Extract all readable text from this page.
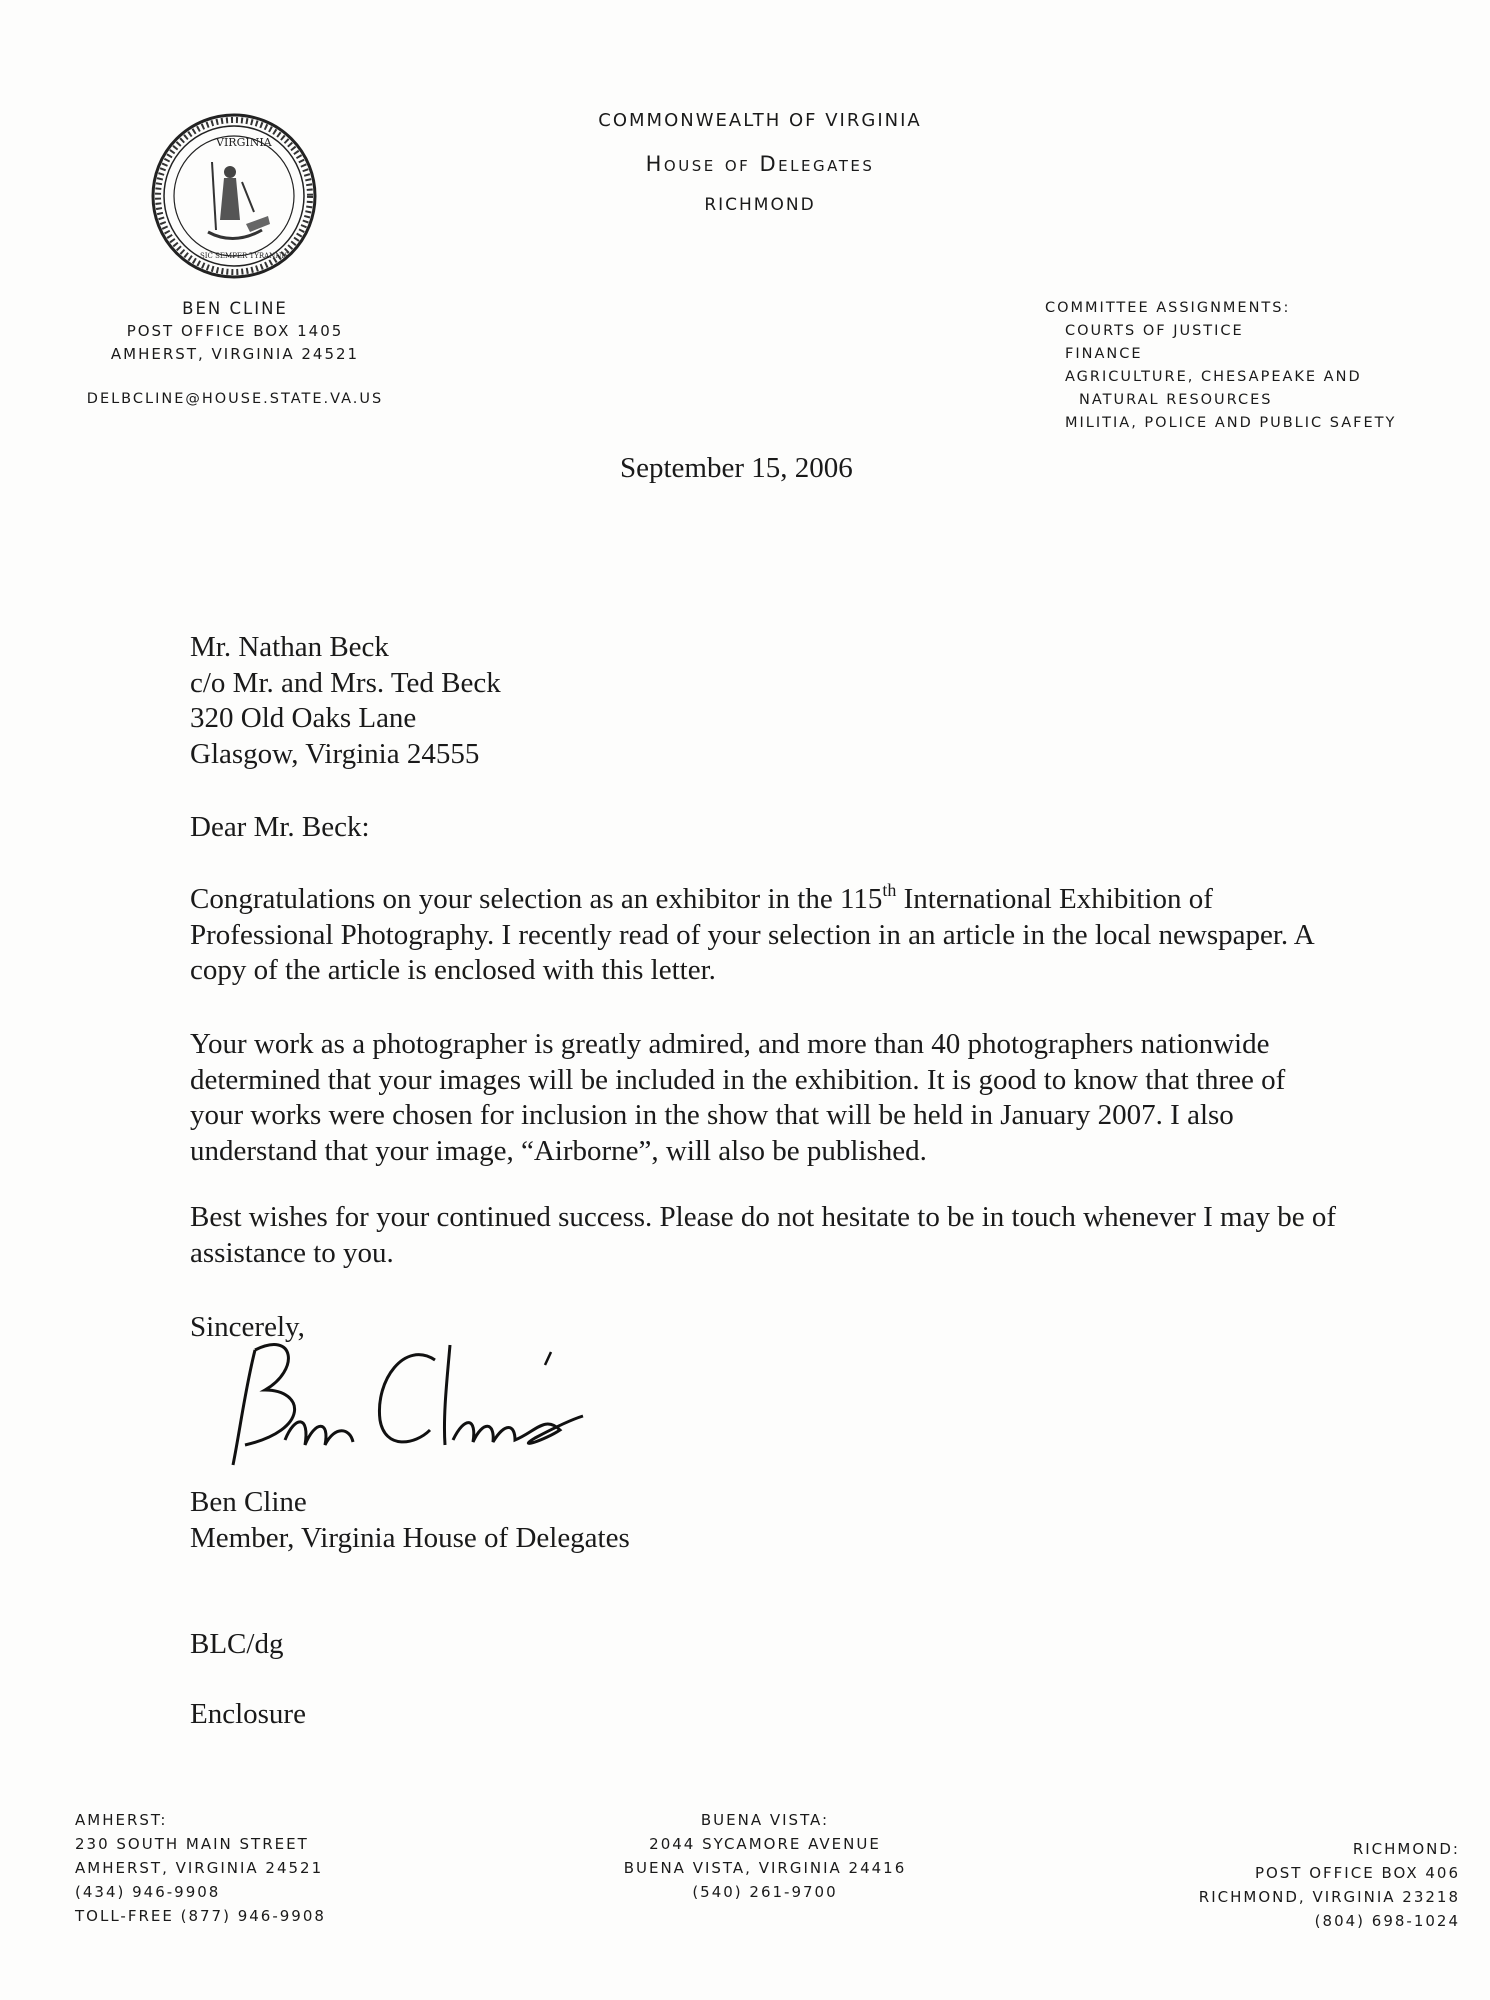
VIRGINIA
SIC SEMPER TYRANNIS
COMMONWEALTH OF VIRGINIA
House of Delegates
RICHMOND
BEN CLINE
POST OFFICE BOX 1405
AMHERST, VIRGINIA 24521
DELBCLINE@HOUSE.STATE.VA.US
COMMITTEE ASSIGNMENTS:
COURTS OF JUSTICE
FINANCE
AGRICULTURE, CHESAPEAKE AND
NATURAL RESOURCES
MILITIA, POLICE AND PUBLIC SAFETY
September 15, 2006
Mr. Nathan Beck
c/o Mr. and Mrs. Ted Beck
320 Old Oaks Lane
Glasgow, Virginia 24555
Dear Mr. Beck:
Congratulations on your selection as an exhibitor in the 115th International Exhibition of Professional Photography. I recently read of your selection in an article in the local newspaper. A copy of the article is enclosed with this letter.
Your work as a photographer is greatly admired, and more than 40 photographers nationwide determined that your images will be included in the exhibition. It is good to know that three of your works were chosen for inclusion in the show that will be held in January 2007. I also understand that your image, “Airborne”, will also be published.
Best wishes for your continued success. Please do not hesitate to be in touch whenever I may be of assistance to you.
Sincerely,
Ben Cline
Member, Virginia House of Delegates
BLC/dg
Enclosure
AMHERST:
230 SOUTH MAIN STREET
AMHERST, VIRGINIA 24521
(434) 946-9908
TOLL-FREE (877) 946-9908
BUENA VISTA:
2044 SYCAMORE AVENUE
BUENA VISTA, VIRGINIA 24416
(540) 261-9700
RICHMOND:
POST OFFICE BOX 406
RICHMOND, VIRGINIA 23218
(804) 698-1024
